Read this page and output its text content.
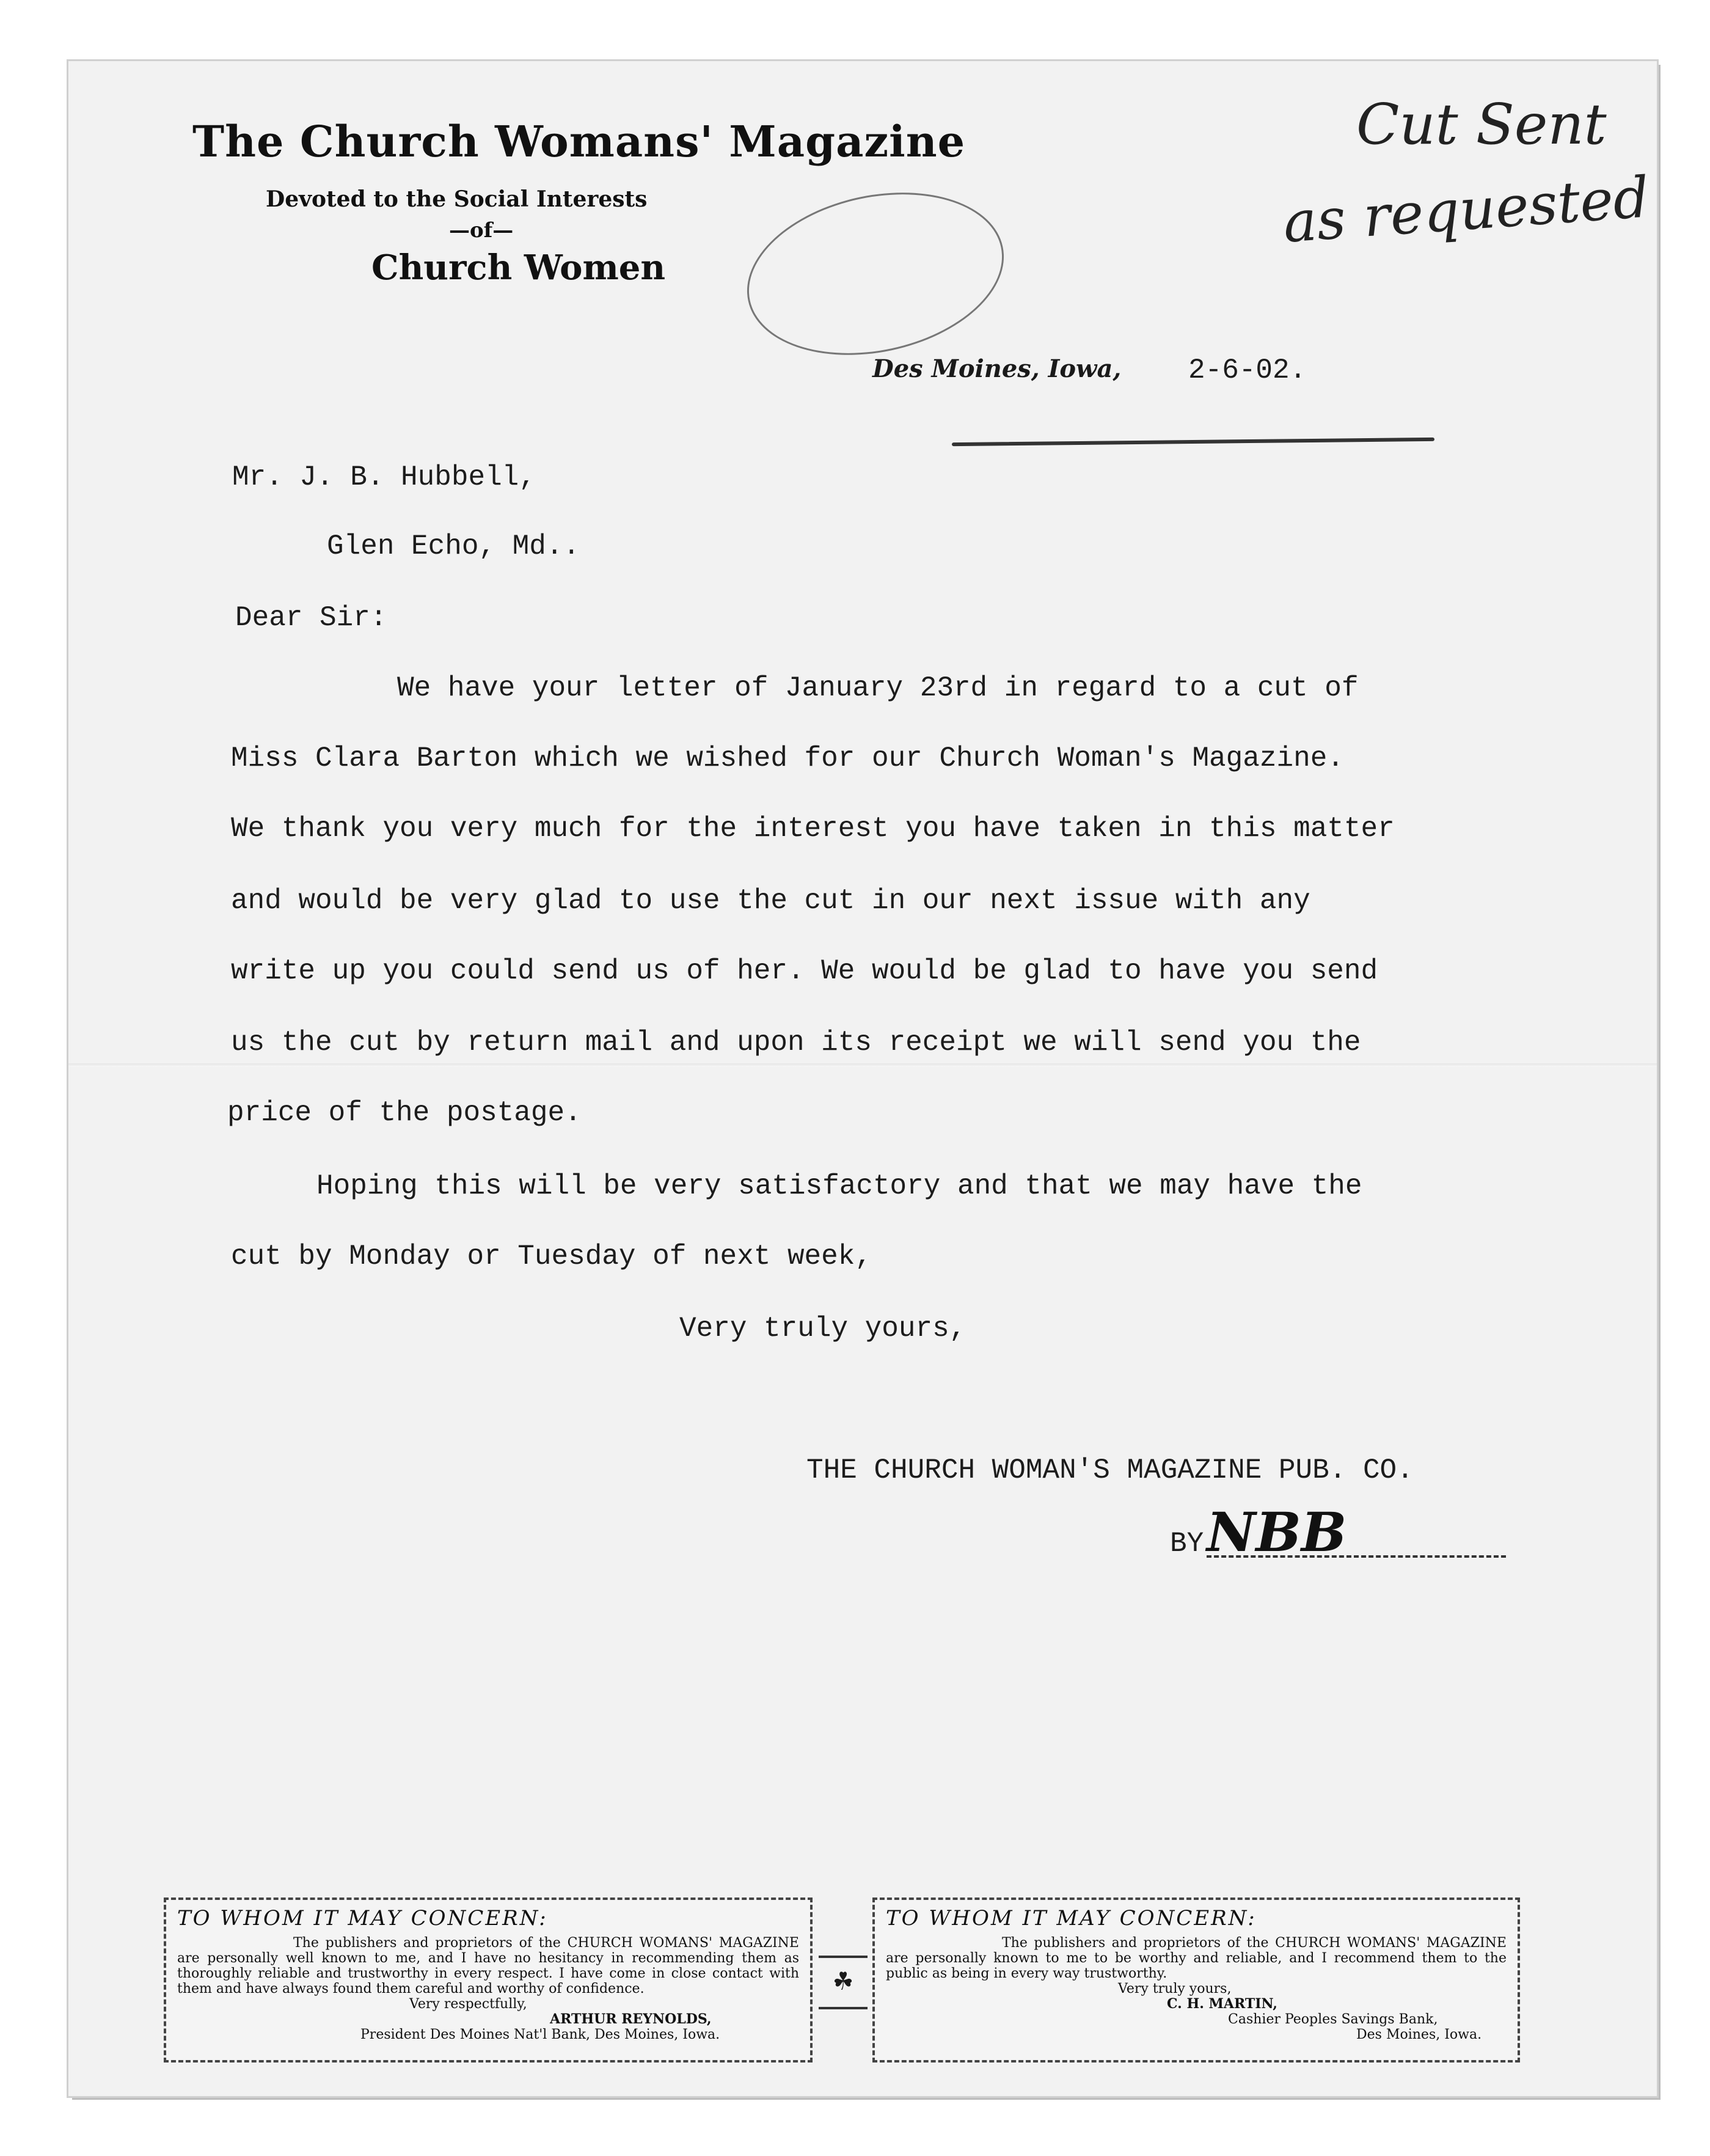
The Church Womans' Magazine
Devoted to the Social Interests
—of—
Church Women
Cut Sent
as requested
Des Moines, Iowa, 2-6-02.
Mr. J. B. Hubbell,
Glen Echo, Md..
Dear Sir:
We have your letter of January 23rd in regard to a cut of
Miss Clara Barton which we wished for our Church Woman's Magazine.
We thank you very much for the interest you have taken in this matter
and would be very glad to use the cut in our next issue with any
write up you could send us of her. We would be glad to have you send
us the cut by return mail and upon its receipt we will send you the
price of the postage.
Hoping this will be very satisfactory and that we may have the
cut by Monday or Tuesday of next week,
Very truly yours,
THE CHURCH WOMAN'S MAGAZINE PUB. CO.
BY NBB
TO WHOM IT MAY CONCERN:
The publishers and proprietors of the CHURCH WOMANS' MAGAZINE are personally well known to me, and I have no hesitancy in recommending them as thoroughly reliable and trustworthy in every respect. I have come in close contact with them and have always found them careful and worthy of confidence.
Very respectfully,
ARTHUR REYNOLDS,
President Des Moines Nat'l Bank, Des Moines, Iowa.
☘
TO WHOM IT MAY CONCERN:
The publishers and proprietors of the CHURCH WOMANS' MAGAZINE are personally known to me to be worthy and reliable, and I recommend them to the public as being in every way trustworthy.
Very truly yours,
C. H. MARTIN,
Cashier Peoples Savings Bank,
Des Moines, Iowa.
